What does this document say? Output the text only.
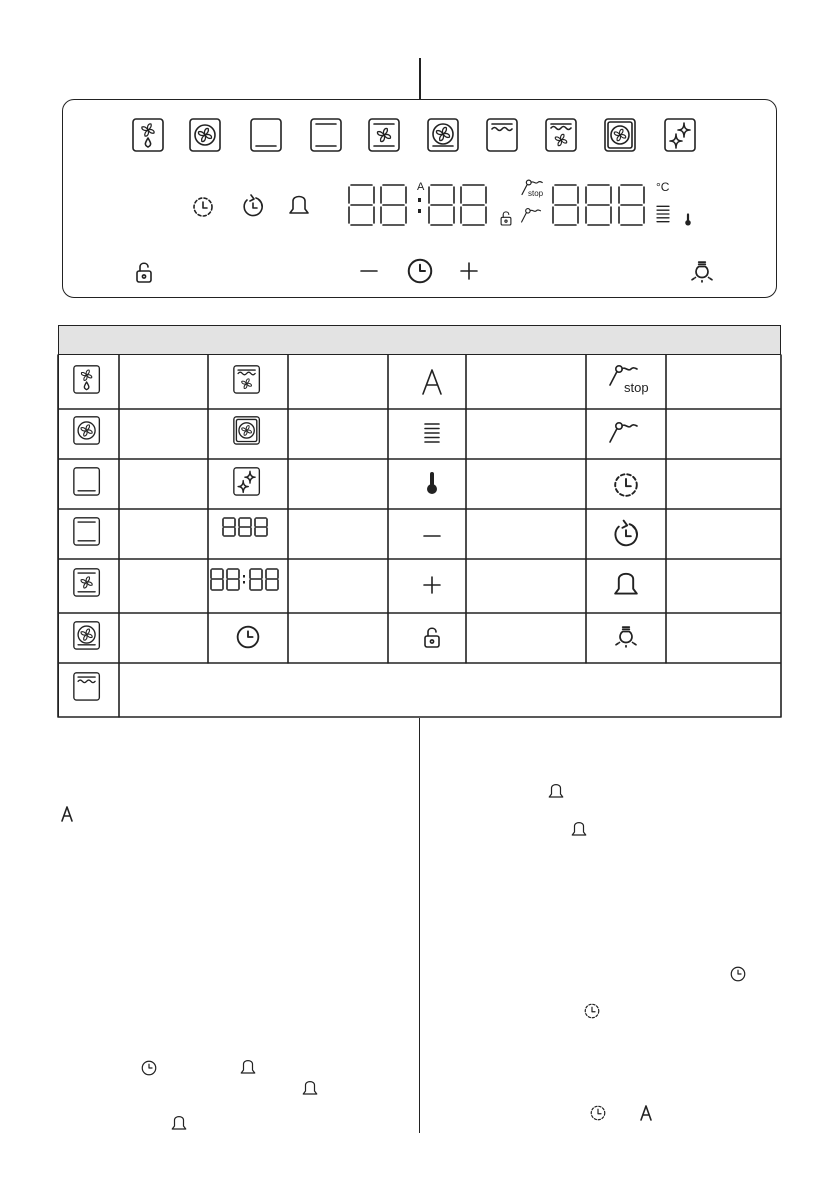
A
stop	°C
stop
